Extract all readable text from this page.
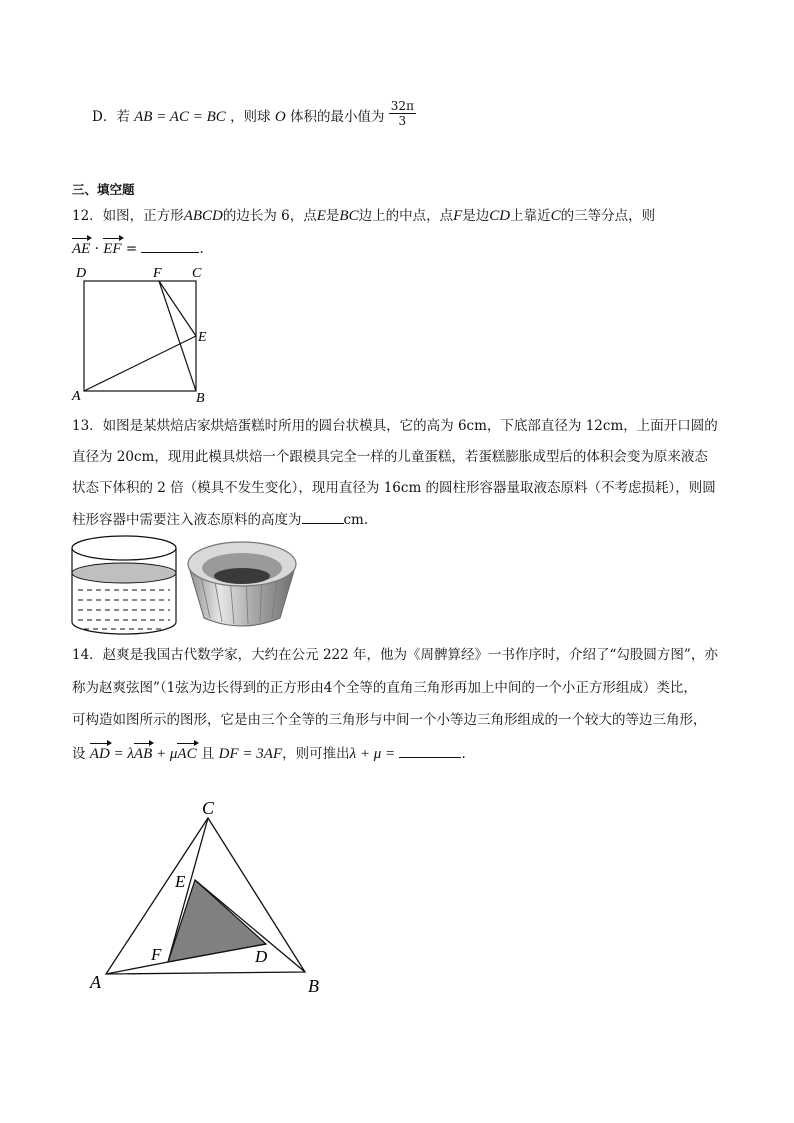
D．若 AB = AC = BC ，则球 O 体积的最小值为 $\frac{32\pi}{3}$
三、填空题
12．如图，正方形ABCD的边长为 6，点E是BC边上的中点，点F是边CD上靠近C的三等分点，则
AE · EF =	.
D	F C
E
A	B
13．如图是某烘焙店家烘焙蛋糕时所用的圆台状模具，它的高为 6cm，下底部直径为 12cm，上面开口圆的
直径为 20cm，现用此模具烘焙一个跟模具完全一样的儿童蛋糕，若蛋糕膨胀成型后的体积会变为原来液态
状态下体积的 2 倍（模具不发生变化），现用直径为 16cm 的圆柱形容器量取液态原料（不考虑损耗），则圆
柱形容器中需要注入液态原料的高度为	cm.
14．赵爽是我国古代数学家，大约在公元 222 年，他为《周髀算经》一书作序时，介绍了“勾股圆方图”，亦
称为赵爽弦图”（1弦为边长得到的正方形由4个全等的直角三角形再加上中间的一个小正方形组成）类比，
可构造如图所示的图形，它是由三个全等的三角形与中间一个小等边三角形组成的一个较大的等边三角形，
设 AD = λAB + μAC 且 DF = 3AF，则可推出λ + μ =	.
C
E
F	D
A	B
